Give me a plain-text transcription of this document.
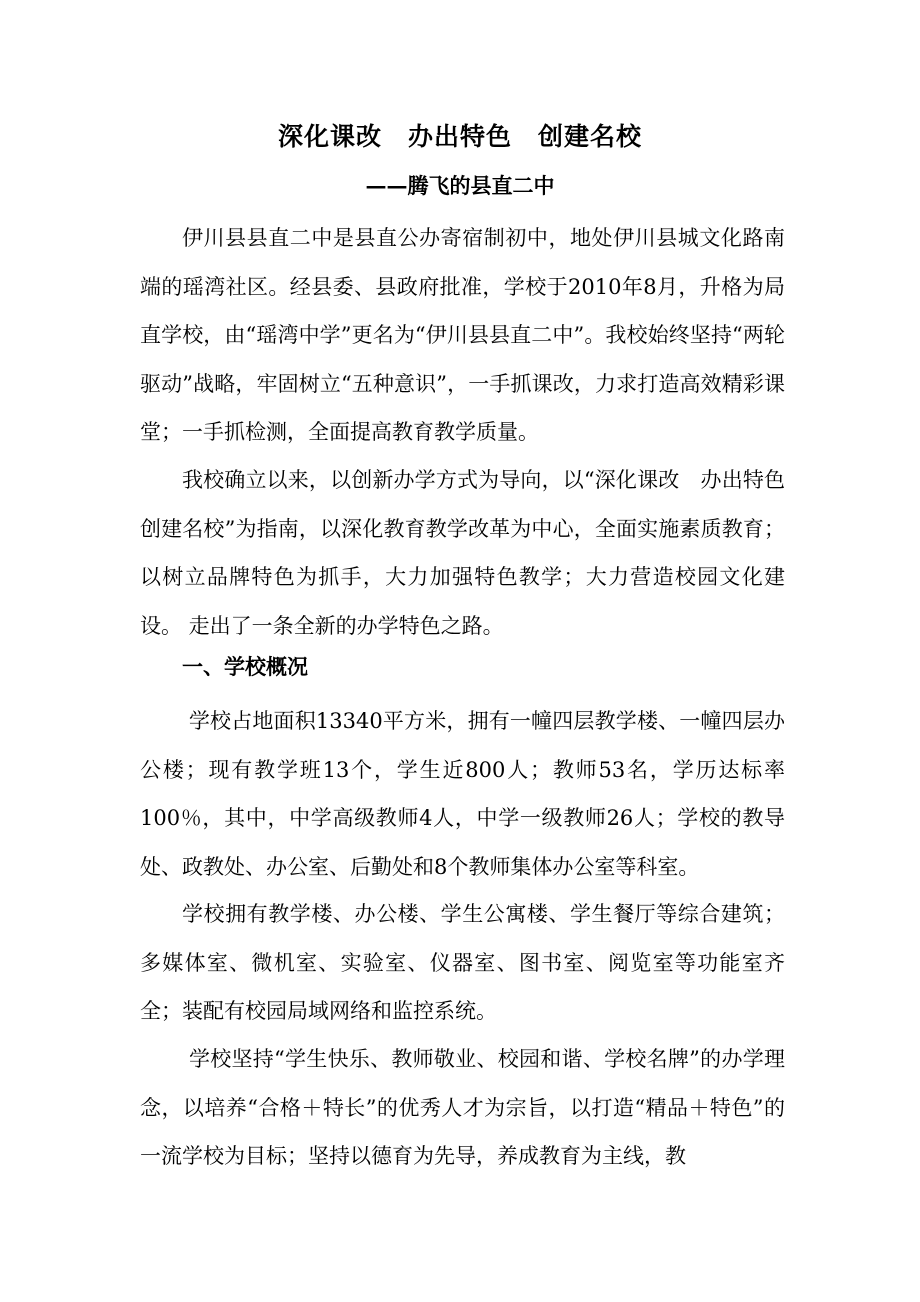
深化课改　办出特色　创建名校
——腾飞的县直二中

伊川县县直二中是县直公办寄宿制初中，地处伊川县城文化路南端的瑶湾社区。经县委、县政府批准，学校于2010年8月，升格为局直学校，由“瑶湾中学”更名为“伊川县县直二中”。我校始终坚持“两轮驱动”战略，牢固树立“五种意识”，一手抓课改，力求打造高效精彩课堂；一手抓检测，全面提高教育教学质量。

我校确立以来，以创新办学方式为导向，以“深化课改　办出特色　创建名校”为指南，以深化教育教学改革为中心，全面实施素质教育；以树立品牌特色为抓手，大力加强特色教学；大力营造校园文化建设。 走出了一条全新的办学特色之路。

一、学校概况

学校占地面积13340平方米，拥有一幢四层教学楼、一幢四层办公楼；现有教学班13个，学生近800人；教师53名，学历达标率100％，其中，中学高级教师4人，中学一级教师26人；学校的教导处、政教处、办公室、后勤处和8个教师集体办公室等科室。

学校拥有教学楼、办公楼、学生公寓楼、学生餐厅等综合建筑；多媒体室、微机室、实验室、仪器室、图书室、阅览室等功能室齐全；装配有校园局域网络和监控系统。

学校坚持“学生快乐、教师敬业、校园和谐、学校名牌”的办学理念，以培养“合格＋特长”的优秀人才为宗旨，以打造“精品＋特色”的一流学校为目标；坚持以德育为先导，养成教育为主线，教
